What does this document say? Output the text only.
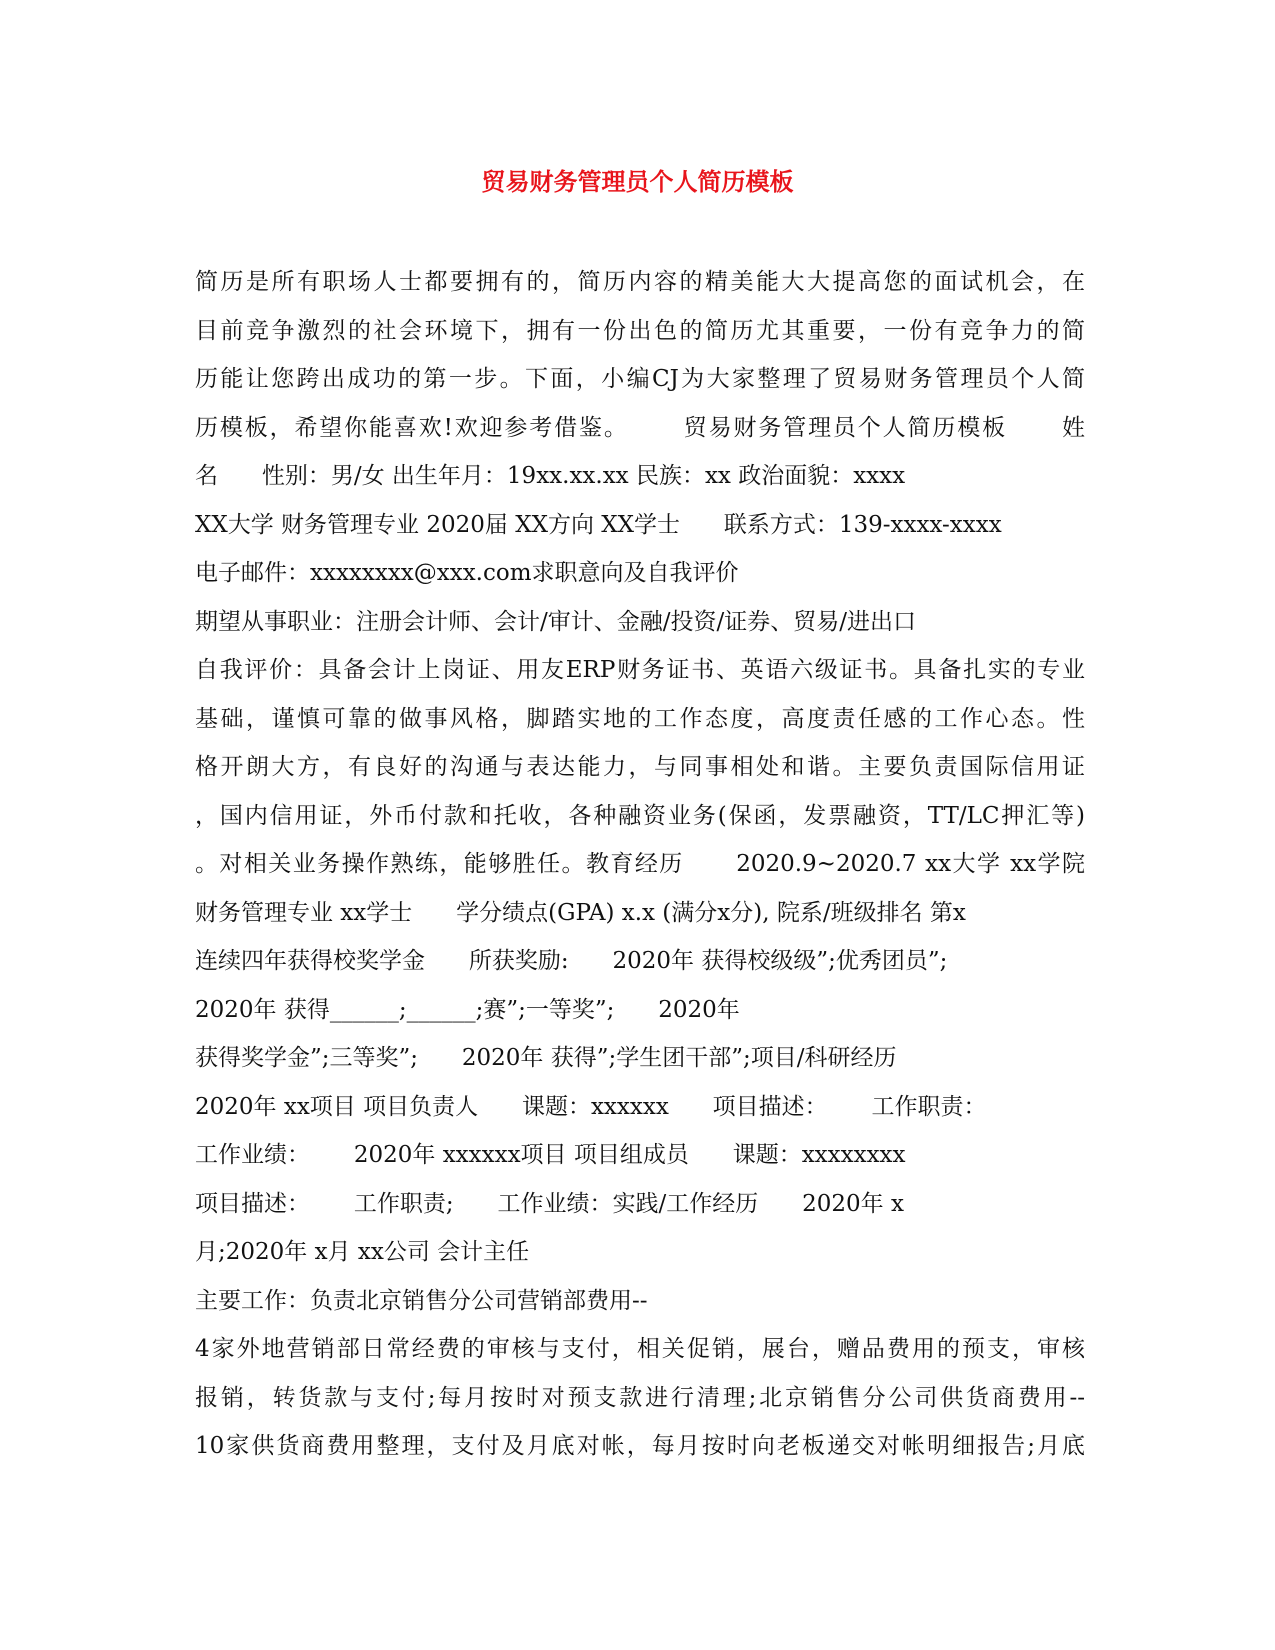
贸易财务管理员个人简历模板
简历是所有职场人士都要拥有的，简历内容的精美能大大提高您的面试机会，在
目前竞争激烈的社会环境下，拥有一份出色的简历尤其重要，一份有竞争力的简
历能让您跨出成功的第一步。下面，小编CJ为大家整理了贸易财务管理员个人简
历模板，希望你能喜欢!欢迎参考借鉴。      贸易财务管理员个人简历模板      姓
名      性别：男/女 出生年月：19xx.xx.xx 民族：xx 政治面貌：xxxx
XX大学 财务管理专业 2020届 XX方向 XX学士      联系方式：139-xxxx-xxxx
电子邮件：xxxxxxxx@xxx.com求职意向及自我评价
期望从事职业：注册会计师、会计/审计、金融/投资/证券、贸易/进出口
自我评价：具备会计上岗证、用友ERP财务证书、英语六级证书。具备扎实的专业
基础，谨慎可靠的做事风格，脚踏实地的工作态度，高度责任感的工作心态。性
格开朗大方，有良好的沟通与表达能力，与同事相处和谐。主要负责国际信用证
，国内信用证，外币付款和托收，各种融资业务(保函，发票融资，TT/LC押汇等)
。对相关业务操作熟练，能够胜任。教育经历      2020.9~2020.7 xx大学 xx学院
财务管理专业 xx学士      学分绩点(GPA) x.x (满分x分), 院系/班级排名 第x
连续四年获得校奖学金      所获奖励:      2020年 获得校级级”;优秀团员”;
2020年 获得______;______;赛”;一等奖”;      2020年
获得奖学金”;三等奖”;      2020年 获得”;学生团干部”;项目/科研经历
2020年 xx项目 项目负责人      课题：xxxxxx      项目描述：      工作职责：
工作业绩：      2020年 xxxxxx项目 项目组成员      课题：xxxxxxxx
项目描述：      工作职责;      工作业绩：实践/工作经历      2020年 x
月;2020年 x月 xx公司 会计主任
主要工作：负责北京销售分公司营销部费用--
4家外地营销部日常经费的审核与支付，相关促销，展台，赠品费用的预支，审核
报销，转货款与支付;每月按时对预支款进行清理;北京销售分公司供货商费用--
10家供货商费用整理，支付及月底对帐，每月按时向老板递交对帐明细报告;月底
